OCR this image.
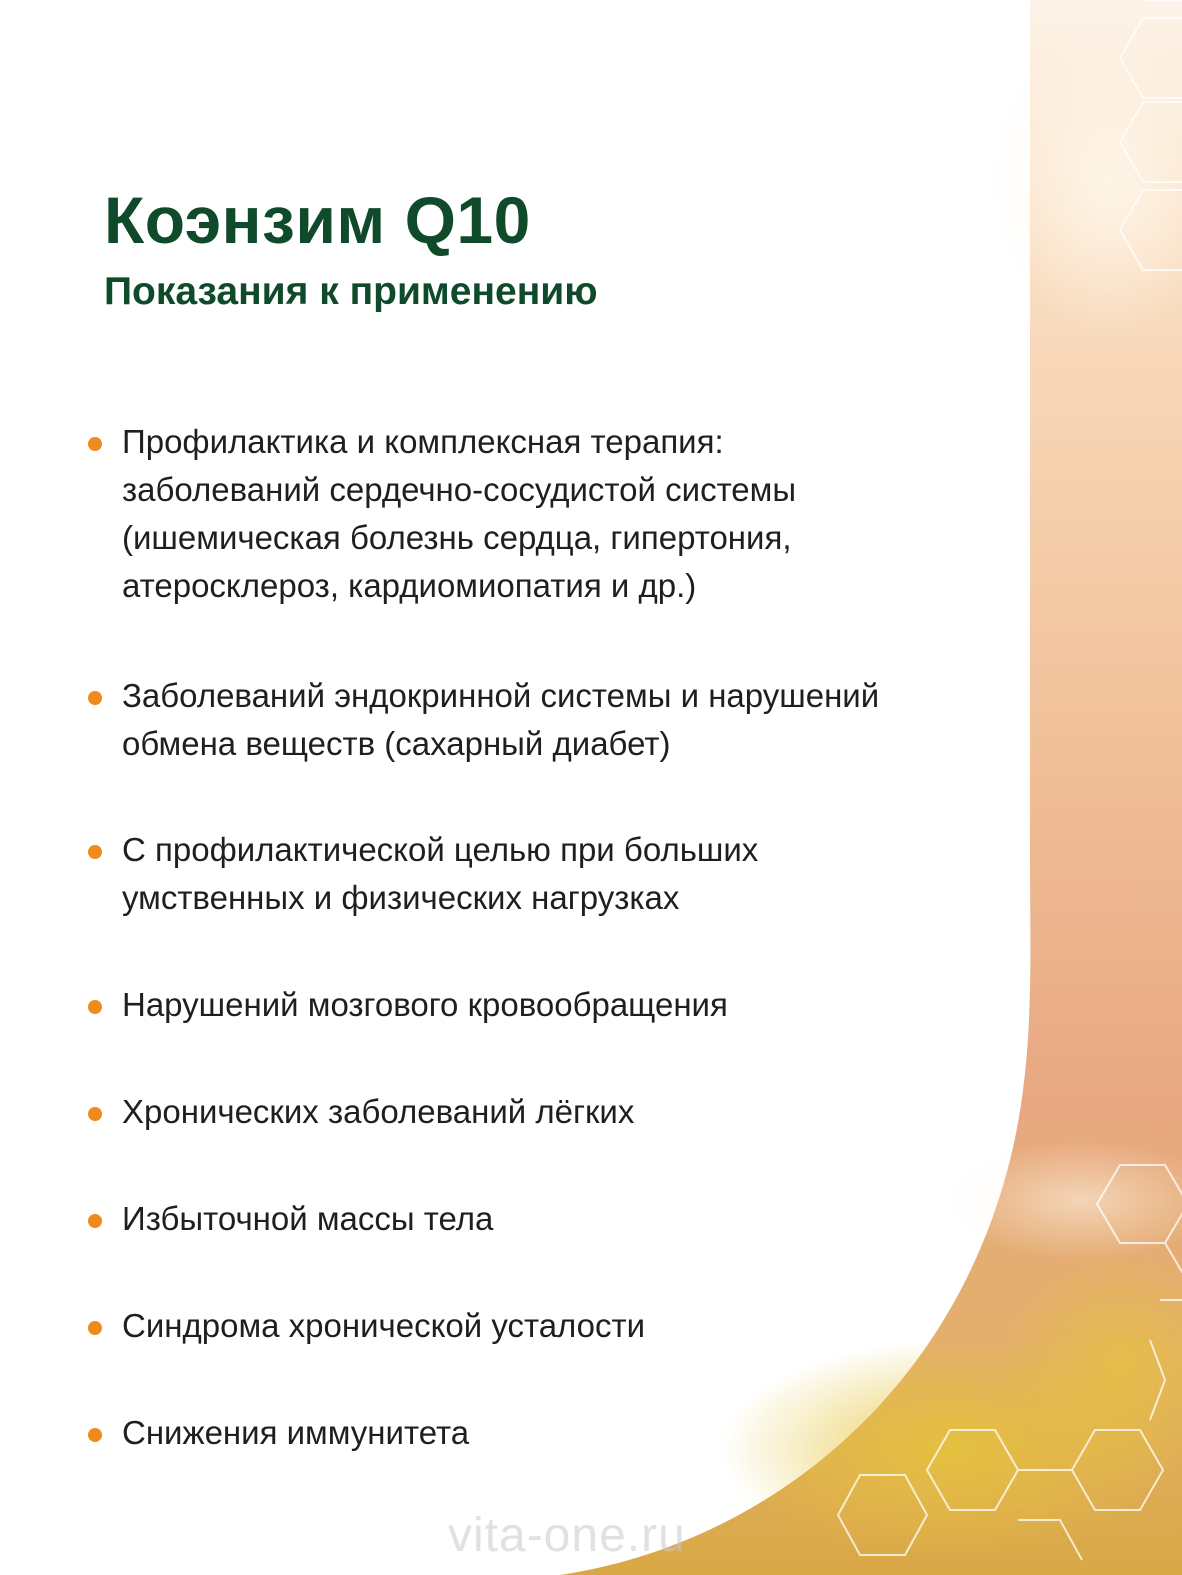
Коэнзим Q10
Показания к применению
Профилактика и комплексная терапия:
заболеваний сердечно-сосудистой системы
(ишемическая болезнь сердца, гипертония,
атеросклероз, кардиомиопатия и др.)
Заболеваний эндокринной системы и нарушений
обмена веществ (сахарный диабет)
С профилактической целью при больших
умственных и физических нагрузках
Нарушений мозгового кровообращения
Хронических заболеваний лёгких
Избыточной массы тела
Синдрома хронической усталости
Снижения иммунитета
vita-one.ru
